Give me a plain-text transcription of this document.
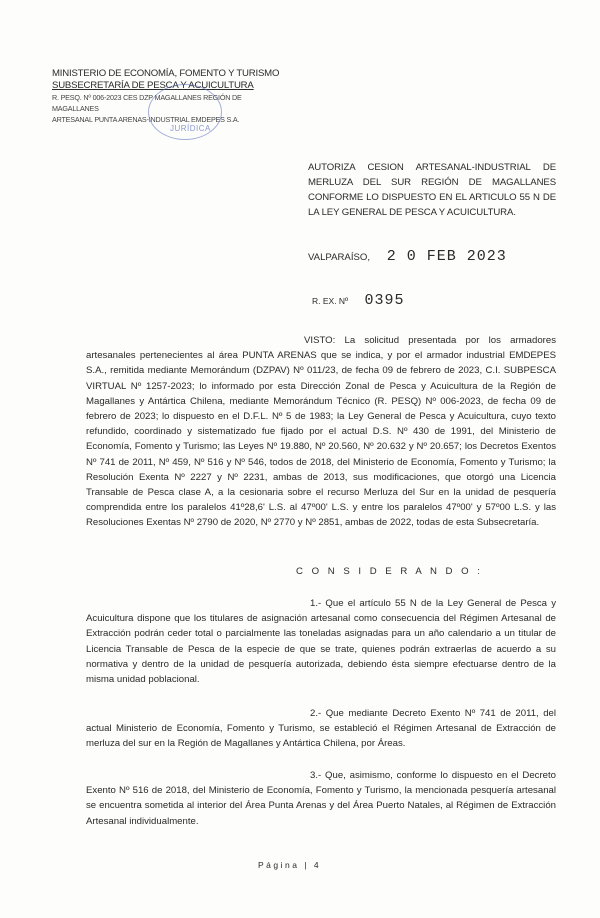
MINISTERIO DE ECONOMÍA, FOMENTO Y TURISMO
SUBSECRETARÍA DE PESCA Y ACUICULTURA
R. PESQ. Nº 006-2023 CES DZP MAGALLANES REGIÓN DE MAGALLANES
ARTESANAL PUNTA ARENAS-INDUSTRIAL EMDEPES S.A.
JURÍDICA
AUTORIZA CESION ARTESANAL-INDUSTRIAL DE MERLUZA DEL SUR REGIÓN DE MAGALLANES CONFORME LO DISPUESTO EN EL ARTICULO 55 N DE LA LEY GENERAL DE PESCA Y ACUICULTURA.
VALPARAÍSO, 2 0 FEB 2023
R. EX. Nº 0395
VISTO: La solicitud presentada por los armadores artesanales pertenecientes al área PUNTA ARENAS que se indica, y por el armador industrial EMDEPES S.A., remitida mediante Memorándum (DZPAV) Nº 011/23, de fecha 09 de febrero de 2023, C.I. SUBPESCA VIRTUAL Nº 1257-2023; lo informado por esta Dirección Zonal de Pesca y Acuicultura de la Región de Magallanes y Antártica Chilena, mediante Memorándum Técnico (R. PESQ) Nº 006-2023, de fecha 09 de febrero de 2023; lo dispuesto en el D.F.L. Nº 5 de 1983; la Ley General de Pesca y Acuicultura, cuyo texto refundido, coordinado y sistematizado fue fijado por el actual D.S. Nº 430 de 1991, del Ministerio de Economía, Fomento y Turismo; las Leyes Nº 19.880, Nº 20.560, Nº 20.632 y Nº 20.657; los Decretos Exentos Nº 741 de 2011, Nº 459, Nº 516 y Nº 546, todos de 2018, del Ministerio de Economía, Fomento y Turismo; la Resolución Exenta Nº 2227 y Nº 2231, ambas de 2013, sus modificaciones, que otorgó una Licencia Transable de Pesca clase A, a la cesionaria sobre el recurso Merluza del Sur en la unidad de pesquería comprendida entre los paralelos 41º28,6' L.S. al 47º00' L.S. y entre los paralelos 47º00' y 57º00 L.S. y las Resoluciones Exentas Nº 2790 de 2020, Nº 2770 y Nº 2851, ambas de 2022, todas de esta Subsecretaría.
C O N S I D E R A N D O :
1.- Que el artículo 55 N de la Ley General de Pesca y Acuicultura dispone que los titulares de asignación artesanal como consecuencia del Régimen Artesanal de Extracción podrán ceder total o parcialmente las toneladas asignadas para un año calendario a un titular de Licencia Transable de Pesca de la especie de que se trate, quienes podrán extraerlas de acuerdo a su normativa y dentro de la unidad de pesquería autorizada, debiendo ésta siempre efectuarse dentro de la misma unidad poblacional.
2.- Que mediante Decreto Exento Nº 741 de 2011, del actual Ministerio de Economía, Fomento y Turismo, se estableció el Régimen Artesanal de Extracción de merluza del sur en la Región de Magallanes y Antártica Chilena, por Áreas.
3.- Que, asimismo, conforme lo dispuesto en el Decreto Exento Nº 516 de 2018, del Ministerio de Economía, Fomento y Turismo, la mencionada pesquería artesanal se encuentra sometida al interior del Área Punta Arenas y del Área Puerto Natales, al Régimen de Extracción Artesanal individualmente.
Página | 4
